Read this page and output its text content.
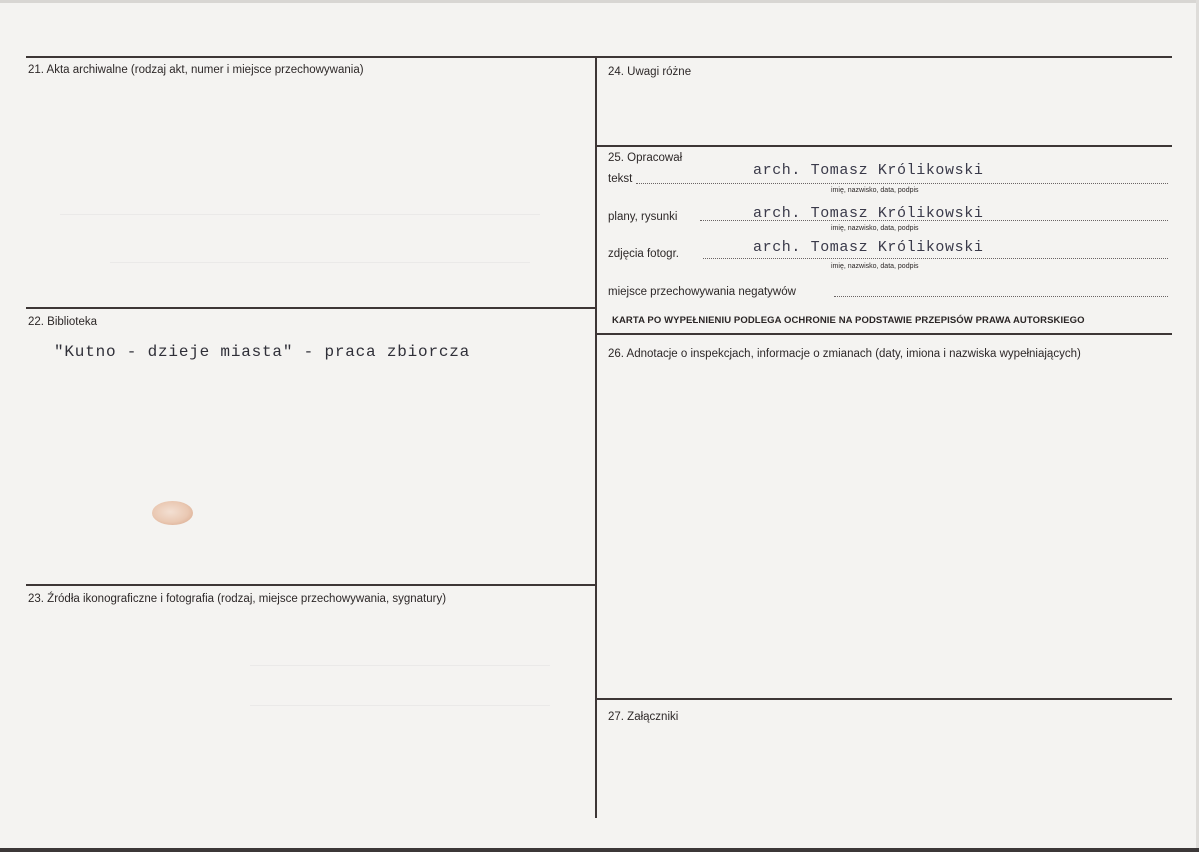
21. Akta archiwalne (rodzaj akt, numer i miejsce przechowywania)
22. Biblioteka
"Kutno - dzieje miasta" - praca zbiorcza
23. Źródła ikonograficzne i fotografia (rodzaj, miejsce przechowywania, sygnatury)
24. Uwagi różne
25. Opracował
tekst	arch. Tomasz Królikowski
imię, nazwisko, data, podpis
plany, rysunki	arch. Tomasz Królikowski
imię, nazwisko, data, podpis
zdjęcia fotogr.	arch. Tomasz Królikowski
imię, nazwisko, data, podpis
miejsce przechowywania negatywów
KARTA PO WYPEŁNIENIU PODLEGA OCHRONIE NA PODSTAWIE PRZEPISÓW PRAWA AUTORSKIEGO
26. Adnotacje o inspekcjach, informacje o zmianach (daty, imiona i nazwiska wypełniających)
27. Załączniki
